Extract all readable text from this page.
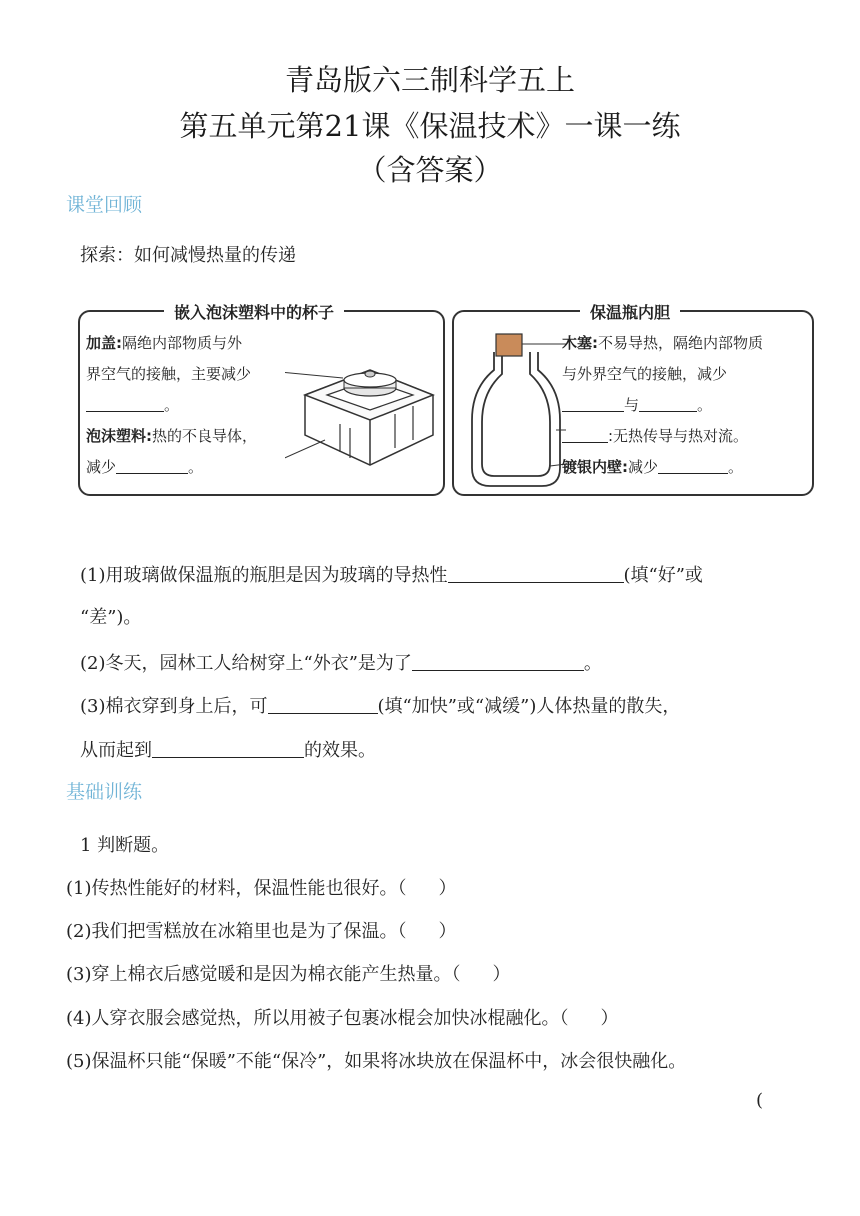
青岛版六三制科学五上
第五单元第21课《保温技术》一课一练
（含答案）
课堂回顾
探索：如何减慢热量的传递
嵌入泡沫塑料中的杯子
加盖:隔绝内部物质与外
界空气的接触，主要减少
。
泡沫塑料:热的不良导体，
减少	。
保温瓶内胆
木塞:不易导热，隔绝内部物质
与外界空气的接触，减少
与	。
:无热传导与热对流。
镀银内壁:减少	。
(1)用玻璃做保温瓶的瓶胆是因为玻璃的导热性	(填“好”或
“差”)。
(2)冬天，园林工人给树穿上“外衣”是为了	。
(3)棉衣穿到身上后，可	(填“加快”或“减缓”)人体热量的散失，
从而起到	的效果。
基础训练
1 判断题。
(1)传热性能好的材料，保温性能也很好。（ ）
(2)我们把雪糕放在冰箱里也是为了保温。（ ）
(3)穿上棉衣后感觉暖和是因为棉衣能产生热量。（ ）
(4)人穿衣服会感觉热，所以用被子包裹冰棍会加快冰棍融化。（ ）
(5)保温杯只能“保暖”不能“保冷”，如果将冰块放在保温杯中，冰会很快融化。
(
